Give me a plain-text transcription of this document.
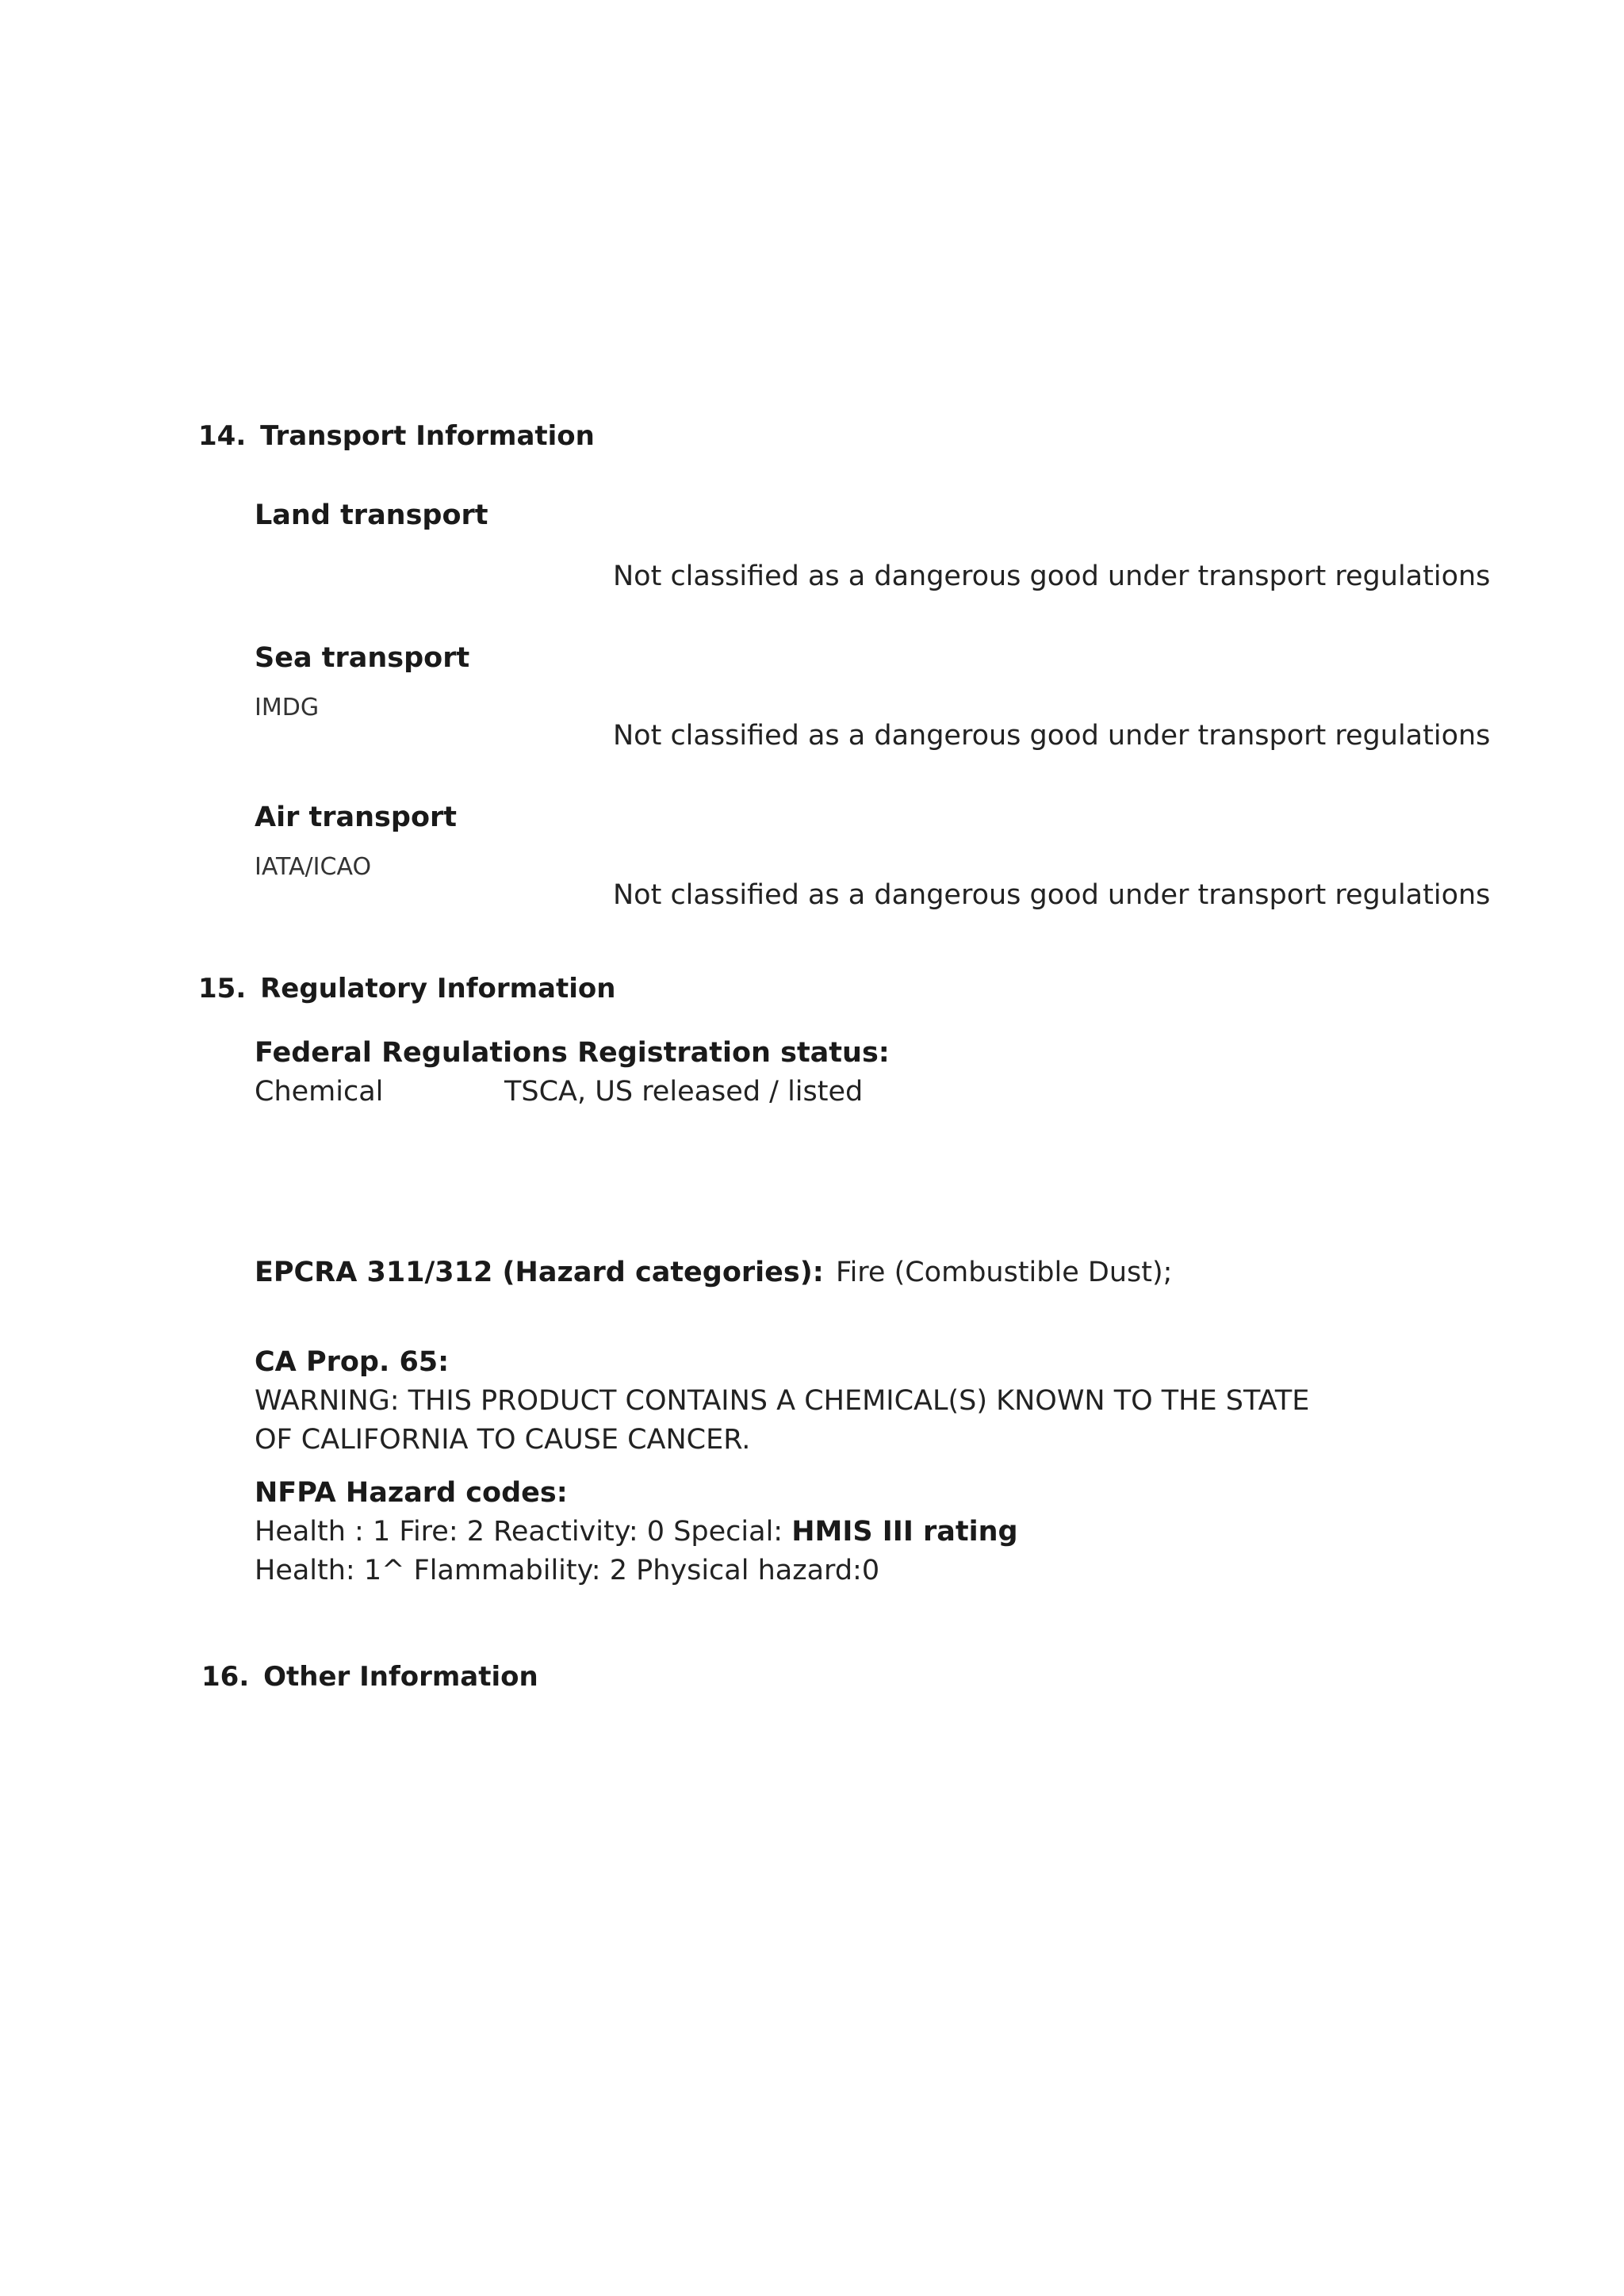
14. Transport Information
Land transport
Not classified as a dangerous good under transport regulations
Sea transport
IMDG
Not classified as a dangerous good under transport regulations
Air transport
IATA/ICAO
Not classified as a dangerous good under transport regulations
15. Regulatory Information
Federal Regulations Registration status:
Chemical	TSCA, US released / listed
EPCRA 311/312 (Hazard categories): Fire (Combustible Dust);
CA Prop. 65:
WARNING: THIS PRODUCT CONTAINS A CHEMICAL(S) KNOWN TO THE STATE
OF CALIFORNIA TO CAUSE CANCER.
NFPA Hazard codes:
Health : 1 Fire: 2 Reactivity: 0 Special: HMIS III rating
Health: 1^ Flammability: 2 Physical hazard:0
16. Other Information
